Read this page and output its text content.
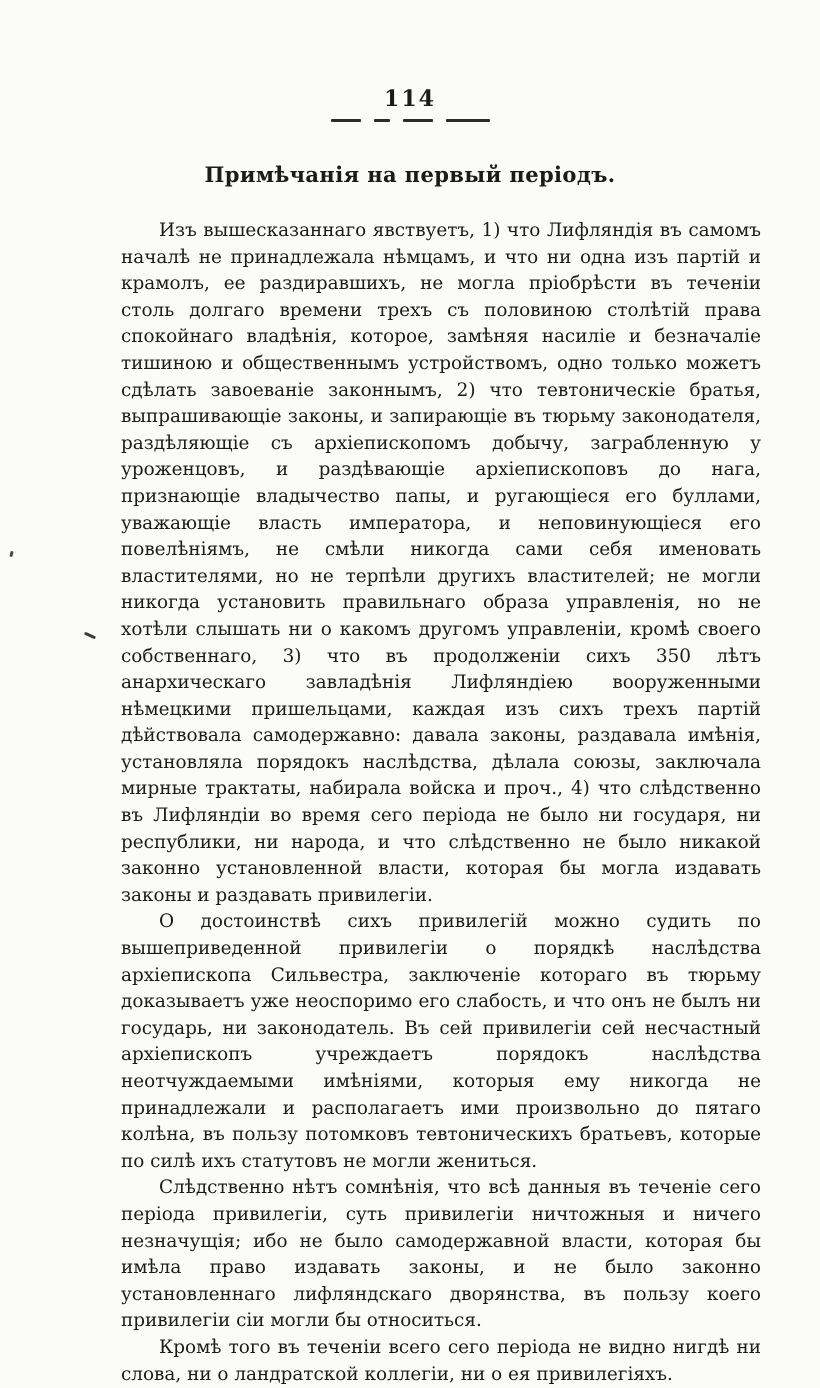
114
Примѣчанія на первый періодъ.

Изъ вышесказаннаго явствуетъ, 1) что Лифляндія въ самомъ началѣ не принадлежала нѣмцамъ, и что ни одна изъ партій и крамолъ, ее раздиравшихъ, не могла пріобрѣсти въ теченіи столь долгаго времени трехъ съ половиною столѣтій права спокойнаго владѣнія, которое, замѣняя насиліе и безначаліе тишиною и общественнымъ устройствомъ, одно только можетъ сдѣлать завоеваніе законнымъ, 2) что тевтоническіе братья, выпрашивающіе законы, и запирающіе въ тюрьму законодателя, раздѣляющіе съ архіепископомъ добычу, заграбленную у уроженцовъ, и раздѣвающіе архіепископовъ до нага, признающіе владычество папы, и ругающіеся его буллами, уважающіе власть императора, и неповинующіеся его повелѣніямъ, не смѣли никогда сами себя именовать властителями, но не терпѣли другихъ властителей; не могли никогда установить правильнаго образа управленія, но не хотѣли слышать ни о какомъ другомъ управленіи, кромѣ своего собственнаго, 3) что въ продолженіи сихъ 350 лѣтъ анархическаго завладѣнія Лифляндіею вооруженными нѣмецкими пришельцами, каждая изъ сихъ трехъ партій дѣйствовала самодержавно: давала законы, раздавала имѣнія, установляла порядокъ наслѣдства, дѣлала союзы, заключала мирные трактаты, набирала войска и проч., 4) что слѣдственно въ Лифляндіи во время сего періода не было ни государя, ни республики, ни народа, и что слѣдственно не было никакой законно установленной власти, которая бы могла издавать законы и раздавать привилегіи.

О достоинствѣ сихъ привилегій можно судить по вышеприведенной привилегіи о порядкѣ наслѣдства архіепископа Сильвестра, заключеніе котораго въ тюрьму доказываетъ уже неоспоримо его слабость, и что онъ не былъ ни государь, ни законодатель. Въ сей привилегіи сей несчастный архіепископъ учреждаетъ порядокъ наслѣдства неотчуждаемыми имѣніями, которыя ему никогда не принадлежали и располагаетъ ими произвольно до пятаго колѣна, въ пользу потомковъ тевтоническихъ братьевъ, которые по силѣ ихъ статутовъ не могли жениться.

Слѣдственно нѣтъ сомнѣнія, что всѣ данныя въ теченіе сего періода привилегіи, суть привилегіи ничтожныя и ничего незначущія; ибо не было самодержавной власти, которая бы имѣла право издавать законы, и не было законно установленнаго лифляндскаго дворянства, въ пользу коего привилегіи сіи могли бы относиться.

Кромѣ того въ теченіи всего сего періода не видно нигдѣ ни слова, ни о ландратской коллегіи, ни о ея привилегіяхъ.
